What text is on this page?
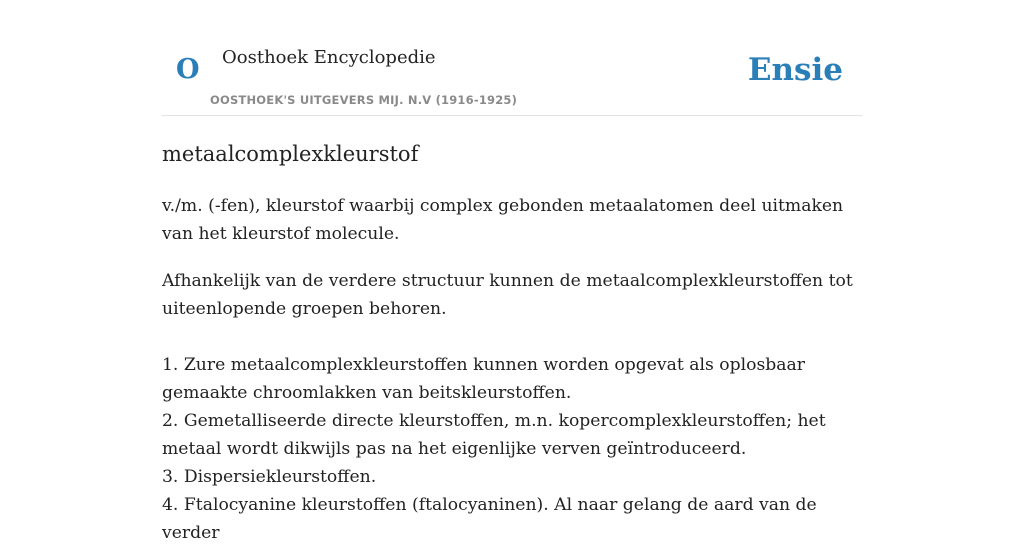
O Oosthoek Encyclopedie
OOSTHOEK'S UITGEVERS MIJ. N.V (1916-1925)
Ensie
metaalcomplexkleurstof

v./m. (-fen), kleurstof waarbij complex gebonden metaalatomen deel uitmaken van het kleurstof molecule.

Afhankelijk van de verdere structuur kunnen de metaalcomplexkleurstoffen tot uiteenlopende groepen behoren.

1. Zure metaalcomplexkleurstoffen kunnen worden opgevat als oplosbaar gemaakte chroomlakken van beitskleurstoffen.
2. Gemetalliseerde directe kleurstoffen, m.n. kopercomplexkleurstoffen; het metaal wordt dikwijls pas na het eigenlijke verven geïntroduceerd.
3. Dispersiekleurstoffen.
4. Ftalocyanine kleurstoffen (ftalocyaninen). Al naar gelang de aard van de verder
